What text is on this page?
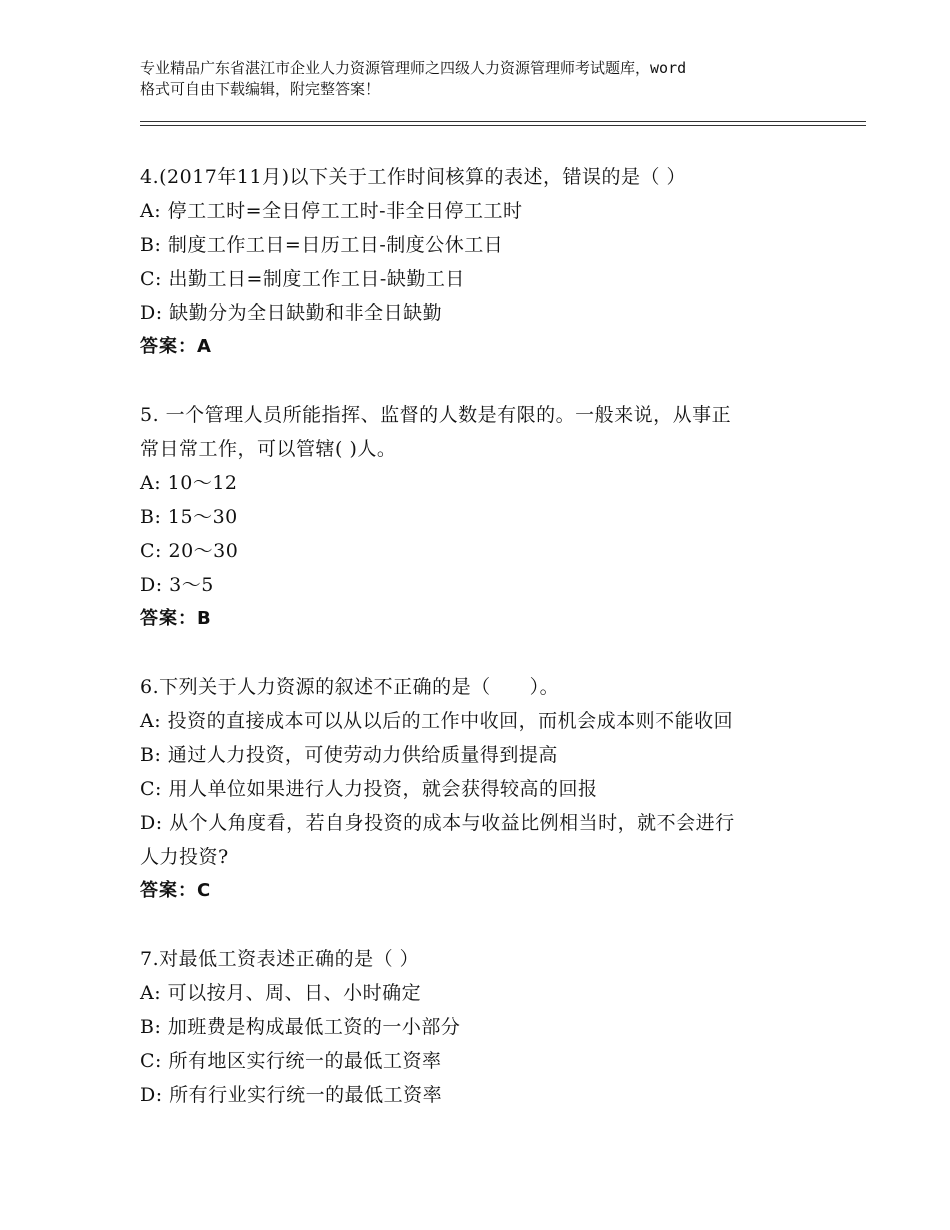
专业精品广东省湛江市企业人力资源管理师之四级人力资源管理师考试题库，word
格式可自由下载编辑，附完整答案！
4.(2017年11月)以下关于工作时间核算的表述，错误的是（ ）
A: 停工工时=全日停工工时-非全日停工工时
B: 制度工作工日=日历工日-制度公休工日
C: 出勤工日=制度工作工日-缺勤工日
D: 缺勤分为全日缺勤和非全日缺勤
答案：A
5. 一个管理人员所能指挥、监督的人数是有限的。一般来说，从事正
常日常工作，可以管辖( )人。
A: 10～12
B: 15～30
C: 20～30
D: 3～5
答案：B
6.下列关于人力资源的叙述不正确的是（　　）。
A: 投资的直接成本可以从以后的工作中收回，而机会成本则不能收回
B: 通过人力投资，可使劳动力供给质量得到提高
C: 用人单位如果进行人力投资，就会获得较高的回报
D: 从个人角度看，若自身投资的成本与收益比例相当时，就不会进行
人力投资?
答案：C
7.对最低工资表述正确的是（ ）
A: 可以按月、周、日、小时确定
B: 加班费是构成最低工资的一小部分
C: 所有地区实行统一的最低工资率
D: 所有行业实行统一的最低工资率
